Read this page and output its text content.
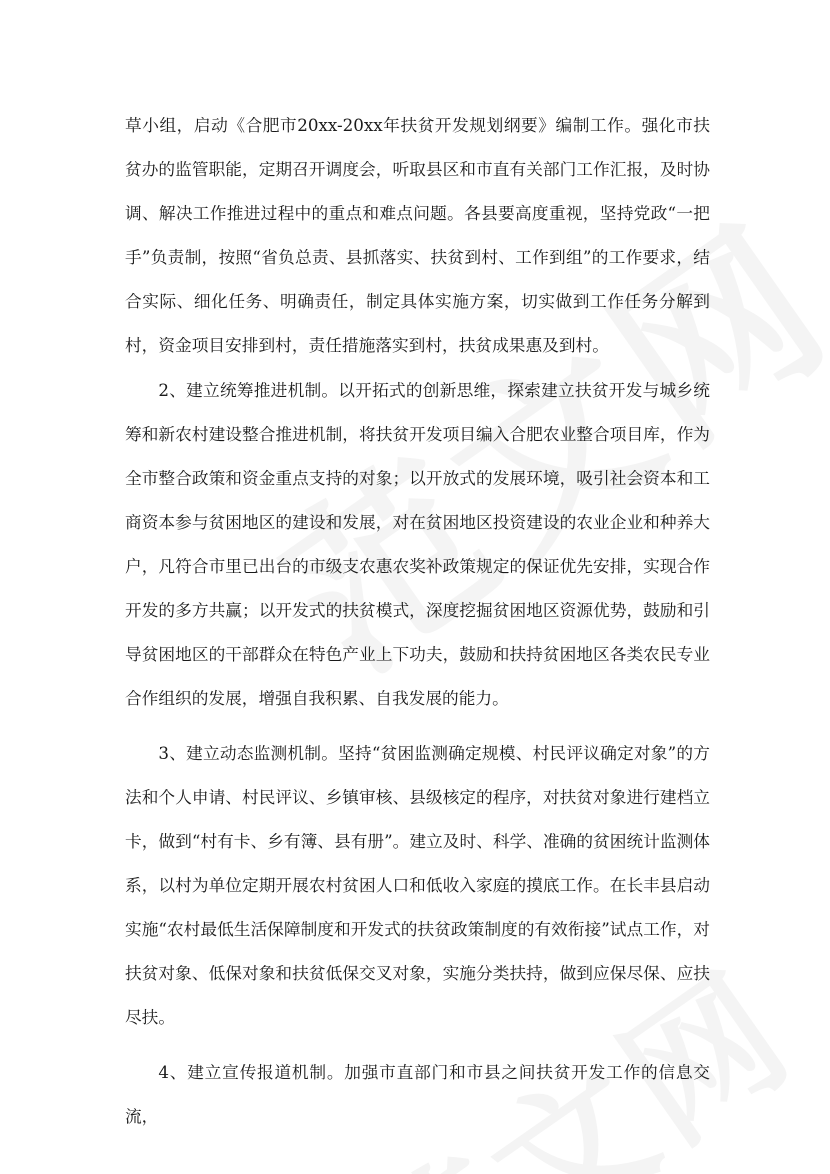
草小组，启动《合肥市20xx-20xx年扶贫开发规划纲要》编制工作。强化市扶贫办的监管职能，定期召开调度会，听取县区和市直有关部门工作汇报，及时协调、解决工作推进过程中的重点和难点问题。各县要高度重视，坚持党政“一把手”负责制，按照“省负总责、县抓落实、扶贫到村、工作到组”的工作要求，结合实际、细化任务、明确责任，制定具体实施方案，切实做到工作任务分解到村，资金项目安排到村，责任措施落实到村，扶贫成果惠及到村。

2、建立统筹推进机制。以开拓式的创新思维，探索建立扶贫开发与城乡统筹和新农村建设整合推进机制，将扶贫开发项目编入合肥农业整合项目库，作为全市整合政策和资金重点支持的对象；以开放式的发展环境，吸引社会资本和工商资本参与贫困地区的建设和发展，对在贫困地区投资建设的农业企业和种养大户，凡符合市里已出台的市级支农惠农奖补政策规定的保证优先安排，实现合作开发的多方共赢；以开发式的扶贫模式，深度挖掘贫困地区资源优势，鼓励和引导贫困地区的干部群众在特色产业上下功夫，鼓励和扶持贫困地区各类农民专业合作组织的发展，增强自我积累、自我发展的能力。

3、建立动态监测机制。坚持“贫困监测确定规模、村民评议确定对象”的方法和个人申请、村民评议、乡镇审核、县级核定的程序，对扶贫对象进行建档立卡，做到“村有卡、乡有簿、县有册”。建立及时、科学、准确的贫困统计监测体系，以村为单位定期开展农村贫困人口和低收入家庭的摸底工作。在长丰县启动实施“农村最低生活保障制度和开发式的扶贫政策制度的有效衔接”试点工作，对扶贫对象、低保对象和扶贫低保交叉对象，实施分类扶持，做到应保尽保、应扶尽扶。

4、建立宣传报道机制。加强市直部门和市县之间扶贫开发工作的信息交流，
